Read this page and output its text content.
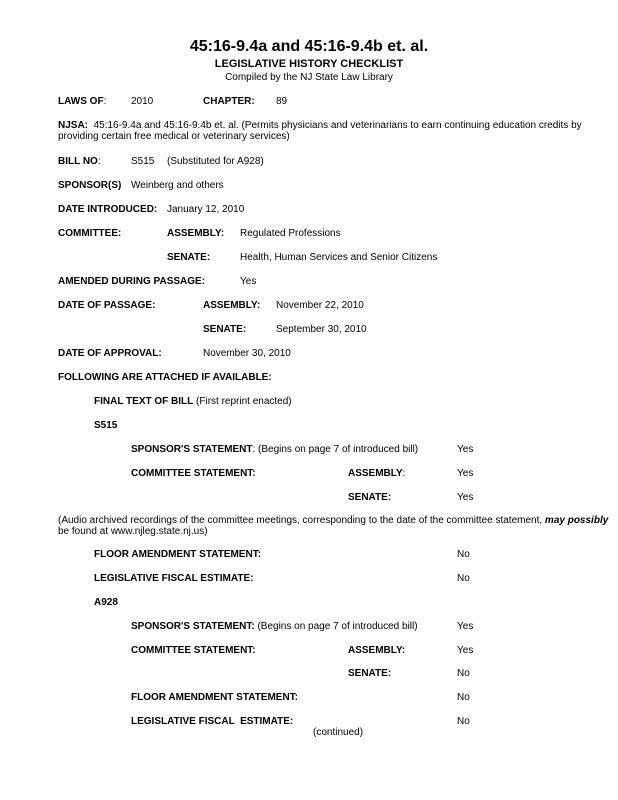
45:16-9.4a and 45:16-9.4b et. al.
LEGISLATIVE HISTORY CHECKLIST
Compiled by the NJ State Law Library
LAWS OF: 2010	CHAPTER: 89
NJSA: 45:16-9.4a and 45:16-9.4b et. al. (Permits physicians and veterinarians to earn continuing education credits by
providing certain free medical or veterinary services)
BILL NO:	S515 (Substituted for A928)
SPONSOR(S) Weinberg and others
DATE INTRODUCED: January 12, 2010
COMMITTEE:	ASSEMBLY: Regulated Professions
SENATE:	Health, Human Services and Senior Citizens
AMENDED DURING PASSAGE:	Yes
DATE OF PASSAGE:	ASSEMBLY: November 22, 2010
SENATE:	September 30, 2010
DATE OF APPROVAL:	November 30, 2010
FOLLOWING ARE ATTACHED IF AVAILABLE:
FINAL TEXT OF BILL (First reprint enacted)
S515
SPONSOR'S STATEMENT: (Begins on page 7 of introduced bill)	Yes
COMMITTEE STATEMENT:	ASSEMBLY:	Yes
SENATE:	Yes
(Audio archived recordings of the committee meetings, corresponding to the date of the committee statement, may possibly
be found at www.njleg.state.nj.us)
FLOOR AMENDMENT STATEMENT:	No
LEGISLATIVE FISCAL ESTIMATE:	No
A928
SPONSOR'S STATEMENT: (Begins on page 7 of introduced bill)	Yes
COMMITTEE STATEMENT:	ASSEMBLY:	Yes
SENATE:	No
FLOOR AMENDMENT STATEMENT:	No
LEGISLATIVE FISCAL  ESTIMATE:	No
(continued)
